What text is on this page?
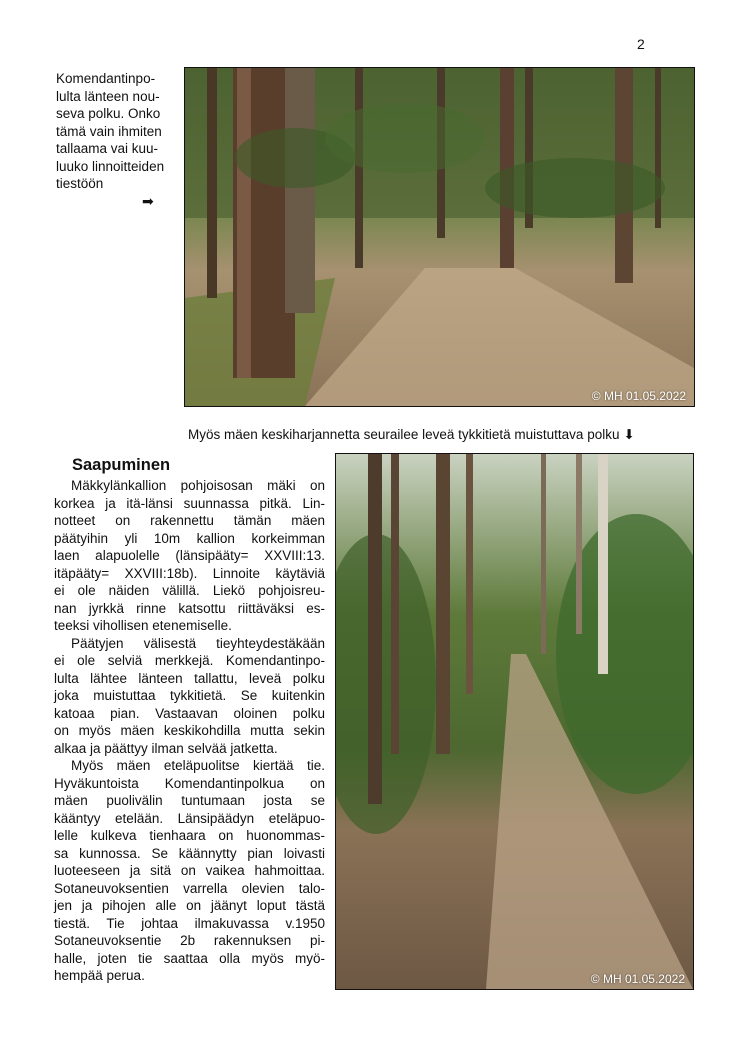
2
Komendantinpo-
lulta länteen nou-
seva polku. Onko
tämä vain ihmiten
tallaama vai kuu-
luuko linnoitteiden
tiestöön
➡
© MH 01.05.2022
Myös mäen keskiharjannetta seurailee leveä tykkitietä muistuttava polku ⬇
Saapuminen
Mäkkylänkallion pohjoisosan mäki on
korkea ja itä-länsi suunnassa pitkä. Lin-
notteet on rakennettu tämän mäen
päätyihin yli 10m kallion korkeimman
laen alapuolelle (länsipääty= XXVIII:13.
itäpääty= XXVIII:18b). Linnoite käytäviä
ei ole näiden välillä. Liekö pohjoisreu-
nan jyrkkä rinne katsottu riittäväksi es-
teeksi vihollisen etenemiselle.
Päätyjen välisestä tieyhteydestäkään
ei ole selviä merkkejä. Komendantinpo-
lulta lähtee länteen tallattu, leveä polku
joka muistuttaa tykkitietä. Se kuitenkin
katoaa pian. Vastaavan oloinen polku
on myös mäen keskikohdilla mutta sekin
alkaa ja päättyy ilman selvää jatketta.
Myös mäen eteläpuolitse kiertää tie.
Hyväkuntoista Komendantinpolkua on
mäen puolivälin tuntumaan josta se
kääntyy etelään. Länsipäädyn eteläpuo-
lelle kulkeva tienhaara on huonommas-
sa kunnossa. Se käännytty pian loivasti
luoteeseen ja sitä on vaikea hahmoittaa.
Sotaneuvoksentien varrella olevien talo-
jen ja pihojen alle on jäänyt loput tästä
tiestä. Tie johtaa ilmakuvassa v.1950
Sotaneuvoksentie 2b rakennuksen pi-
halle, joten tie saattaa olla myös myö-
hempää perua.	© MH 01.05.2022
